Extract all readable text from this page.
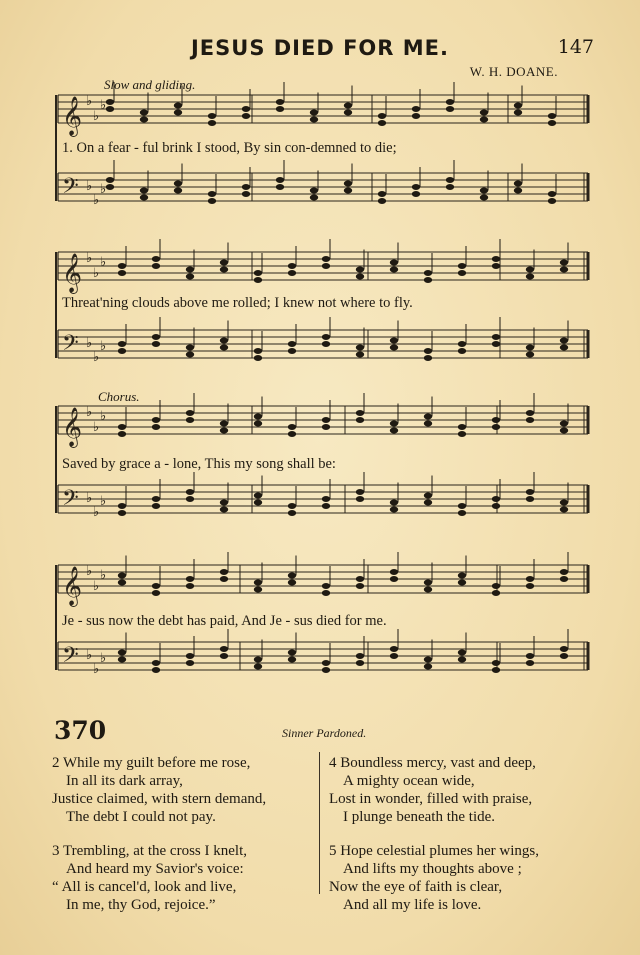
JESUS DIED FOR ME.	147
W. H. DOANE.
Slow and gliding.
Chorus.
𝄞 ♭
♭
♭
𝄢 ♭
♭
♭
𝄞 ♭
♭
♭
𝄢 ♭
♭
♭
𝄞 ♭
♭
♭
𝄢 ♭
♭
♭
𝄞 ♭
♭
♭
𝄢 ♭
♭
♭
1. On a fear - ful brink I stood, By sin con-demned to die;
Threat'ning clouds above me rolled; I knew not where to fly.
Saved by grace a - lone, This my song shall be:
Je - sus now the debt has paid, And Je - sus died for me.
370	Sinner Pardoned.
2 While my guilt before me rose,
In all its dark array,
Justice claimed, with stern demand,
The debt I could not pay.
3 Trembling, at the cross I knelt,
And heard my Savior's voice:
“ All is cancel'd, look and live,
In me, thy God, rejoice.”
4 Boundless mercy, vast and deep,
A mighty ocean wide,
Lost in wonder, filled with praise,
I plunge beneath the tide.
5 Hope celestial plumes her wings,
And lifts my thoughts above ;
Now the eye of faith is clear,
And all my life is love.
